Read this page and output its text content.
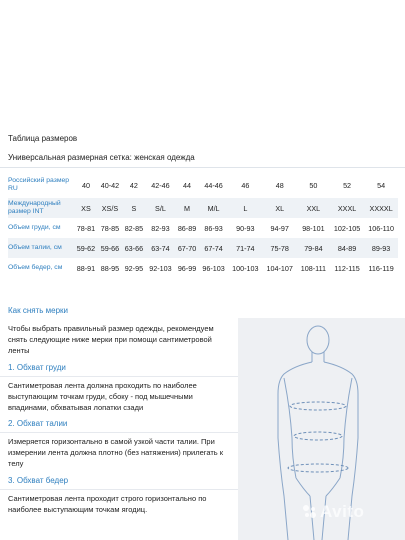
Таблица размеров
Универсальная размерная сетка: женская одежда
Российский размер RU	40	40-42	42	42-46	44	44-46	46	48	50	52	54
Международный размер INT	XS	XS/S	S	S/L	M	M/L	L	XL	XXL	XXXL	XXXXL
Объем груди, см	78-81	78-85	82-85	82-93	86-89	86-93	90-93	94-97	98-101	102-105	106-110
Объем талии, см	59-62	59-66	63-66	63-74	67-70	67-74	71-74	75-78	79-84	84-89	89-93
Объем бедер, см	88-91	88-95	92-95	92-103	96-99	96-103	100-103	104-107	108-111	112-115	116-119
Как снять мерки
Чтобы выбрать правильный размер одежды, рекомендуем снять следующие ниже мерки при помощи сантиметровой ленты
1. Обхват груди
Сантиметровая лента должна проходить по наиболее выступающим точкам груди, сбоку - под мышечными впадинами, обхватывая лопатки сзади
2. Обхват талии
Измеряется горизонтально в самой узкой части талии. При измерении лента должна плотно (без натяжения) прилегать к телу
3. Обхват бедер
Сантиметровая лента проходит строго горизонтально по наиболее выступающим точкам ягодиц.	Avito
